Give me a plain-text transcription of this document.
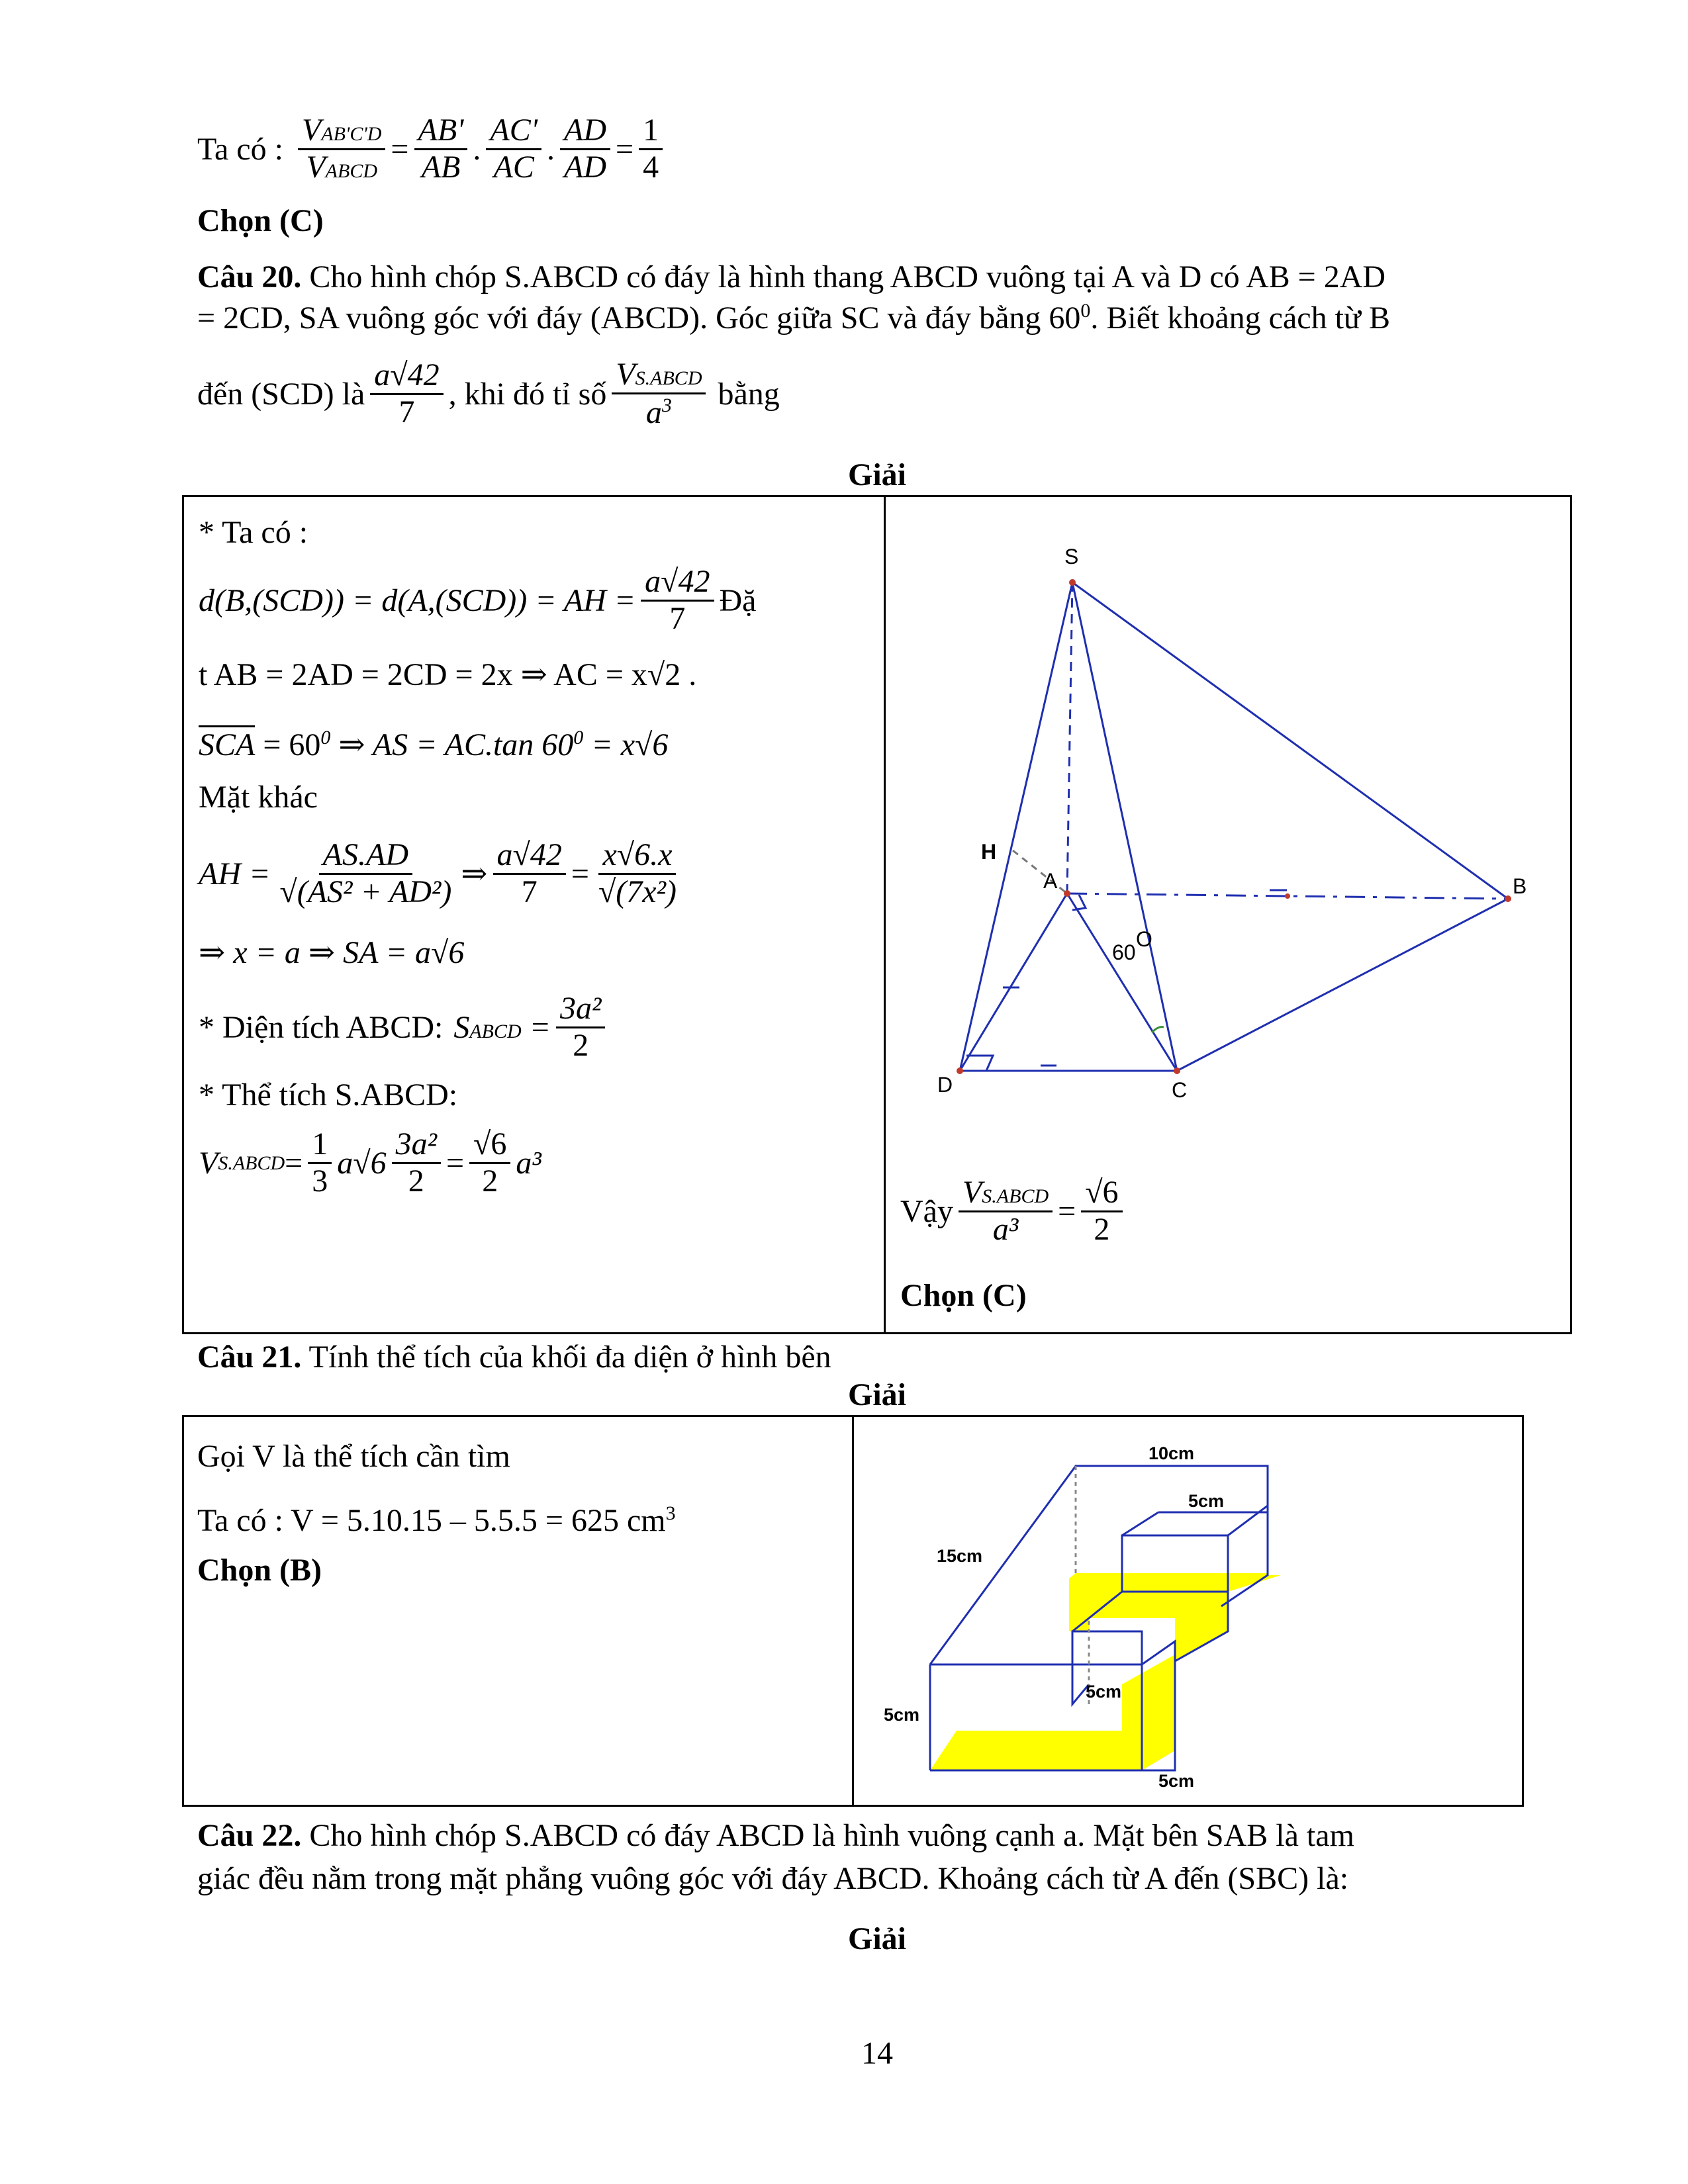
Ta có : $\frac{\text{VAB'C'D}}{\text{VABCD}} = \frac{AB'}{AB}$ . $\frac{AC'}{AC}$ . $\frac{AD}{AD} = \frac{1}{4}$
Chọn (C)
Câu 20. Cho hình chóp S.ABCD có đáy là hình thang ABCD vuông tại A và D có AB = 2AD
= 2CD, SA vuông góc với đáy (ABCD). Góc giữa SC và đáy bằng $60^0$. Biết khoảng cách từ B
đến (SCD) là $\frac{a√42}{7}$ , khi đó tỉ số $\frac{\text{VS.ABCD}}{a^3}$ bằng
Giải
* Ta có :
d(B,(SCD)) = d(A,(SCD)) = AH = $\frac{a√42}{7}$ Đặ
t AB = 2AD = 2CD = 2x ⇒ AC = x√2 .
SCA = $60^0$ ⇒ AS = AC.tan $60^0 = x√6$
Mặt khác
AH = $\frac{AS.AD}{\text{√(AS² + AD²)}}$ ⇒ $\frac{a√42}{7} = \frac{x√6.x}{\text{√(7x²)}}$
⇒ x = a ⇒ SA = a√6
* Diện tích ABCD: SABCD = $\frac{\text{3a²}}{2}$
* Thể tích S.ABCD:
V S.ABCD = $\frac{1}{3} a√6 \frac{\text{3a²}}{2} = \frac{√6}{2} a^3$
S
A	B
C
D
H
60
O
Vậy $\frac{\text{VS.ABCD}}{\text{a³}} = \frac{√6}{2}$
Chọn (C)
Câu 21. Tính thể tích của khối đa diện ở hình bên
Giải
Gọi V là thể tích cần tìm
Ta có : V = 5.10.15 – 5.5.5 = 625 $cm^3$
Chọn (B)
10cm
5cm
15cm
5cm
5cm
5cm
Câu 22. Cho hình chóp S.ABCD có đáy ABCD là hình vuông cạnh a. Mặt bên SAB là tam
giác đều nằm trong mặt phẳng vuông góc với đáy ABCD. Khoảng cách từ A đến (SBC) là:
Giải
14
